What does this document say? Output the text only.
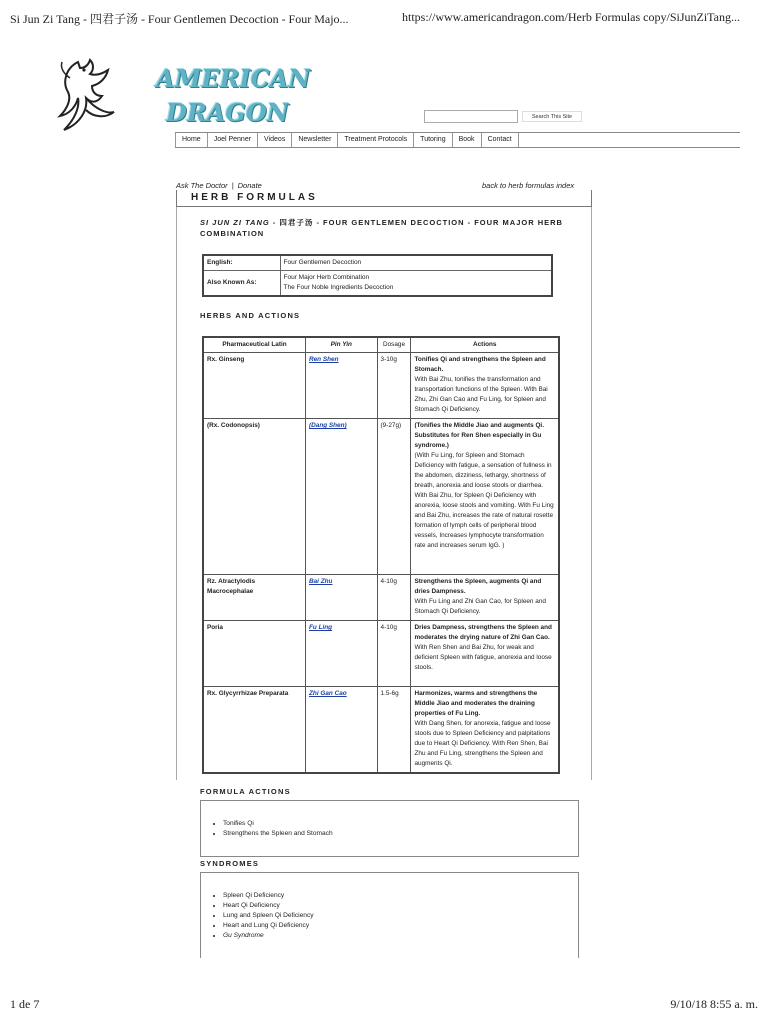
Si Jun Zi Tang - 四君子汤 - Four Gentlemen Decoction - Four Majo...	https://www.americandragon.com/Herb Formulas copy/SiJunZiTang...
AMERICAN
DRAGON	Search This Site
Home	Joel Penner	Videos	Newsletter	Treatment Protocols	Tutoring	Book	Contact
Ask The Doctor | Donate	back to herb formulas index
HERB FORMULAS
SI JUN ZI TANG - 四君子汤 - FOUR GENTLEMEN DECOCTION - FOUR MAJOR HERB COMBINATION
English:	Four Gentlemen Decoction
Also Known As:	Four Major Herb Combination
The Four Noble Ingredients Decoction
HERBS AND ACTIONS
Pharmaceutical Latin	Pin Yin	Dosage	Actions
Rx. Ginseng	Ren Shen	3-10g	Tonifies Qi and strengthens the Spleen and Stomach.
With Bai Zhu, tonifies the transformation and transportation functions of the Spleen. With Bai Zhu, Zhi Gan Cao and Fu Ling, for Spleen and Stomach Qi Deficiency.

(Rx. Codonopsis)	(Dang Shen)	(9-27g)	(Tonifies the Middle Jiao and augments Qi. Substitutes for Ren Shen especially in Gu syndrome.)
(With Fu Ling, for Spleen and Stomach Deficiency with fatigue, a sensation of fullness in the abdomen, dizziness, lethargy, shortness of breath, anorexia and loose stools or diarrhea. With Bai Zhu, for Spleen Qi Deficiency with anorexia, loose stools and vomiting. With Fu Ling and Bai Zhu, increases the rate of natural rosette formation of lymph cells of peripheral blood vessels, Increases lymphocyte transformation rate and increases serum IgG. )

Rz. Atractylodis Macrocephalae	Bai Zhu	4-10g	Strengthens the Spleen, augments Qi and dries Dampness.
With Fu Ling and Zhi Gan Cao, for Spleen and Stomach Qi Deficiency.

Poria	Fu Ling	4-10g	Dries Dampness, strengthens the Spleen and moderates the drying nature of Zhi Gan Cao.
With Ren Shen and Bai Zhu, for weak and deficient Spleen with fatigue, anorexia and loose stools.

Rx. Glycyrrhizae Preparata	Zhi Gan Cao	1.5-6g	Harmonizes, warms and strengthens the Middle Jiao and moderates the draining properties of Fu Ling.
With Dang Shen, for anorexia, fatigue and loose stools due to Spleen Deficiency and palpitations due to Heart Qi Deficiency. With Ren Shen, Bai Zhu and Fu Ling, strengthens the Spleen and augments Qi.
FORMULA ACTIONS
• Tonifies Qi
• Strengthens the Spleen and Stomach
SYNDROMES
• Spleen Qi Deficiency
• Heart Qi Deficiency
• Lung and Spleen Qi Deficiency
• Heart and Lung Qi Deficiency
• Gu Syndrome
1 de 7	9/10/18 8:55 a. m.
